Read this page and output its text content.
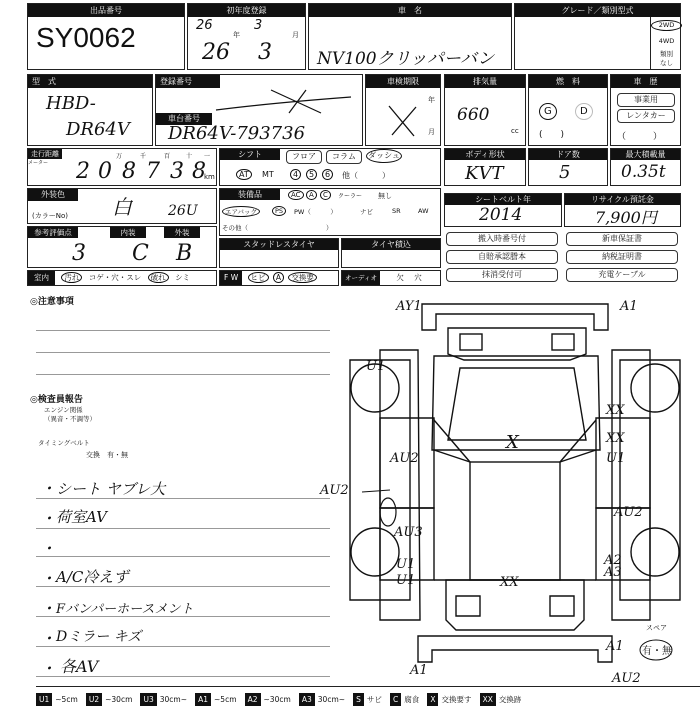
出品番号
SY0062
初年度登録
26
年
3
月
26 3
車　名
NV100クリッパーバン
グレード／類別型式
2WD
4WD
類別
なし
型　式
HBD-
DR64V
登録番号
車台番号
DR64V-793736
車検期限
年
月
排気量
660
cc
燃　料
G	D
(　　)
車　歴
事業用
レンタカー
（　　　）
走行距離
メーター 2 0 8 7 3 8
万	千	百	十 一
km
シフト	フロア	コラム	ダッシュ
AT	MT	4	5	6	他（　　　）
ボディ形状
KVT
ドア数
5
最大積載量
0.35t
外装色
(カラーNo) 白	26U
装備品	AC	A	C	クーラー 無し
エアバッグ	PS	PW（　　　）	ナビ	SR	AW
その他（　　　　　　　　　　　　）
シートベルト年
2014
リサイクル預託金
7,900円
参考評価点	内装	外装
3 C B	スタッドレスタイヤ	タイヤ積込
搬入時番号付	新車保証書
自賠承認謄本	納税証明書
抹消受付可	充電ケーブル
室内 汚れ コゲ・穴・スレ 破れ シミ	F W ヒビ A 交換要	オーディオ	欠 穴
◎注意事項
◎検査員報告
エンジン関係
（異音・不調等）
タイミングベルト
交換　有・無
・ シート ヤブレ大
・ 荷室AV
・
・ A/C冷えず
・ Fバンパーホースメント
・ Dミラー キズ
・ 各AV
AY1	A1
U1
XX
XX
U1
AU2
AU2
AU2
A3
AU3
A2
U1
U1	XX
X
A1
A1
AU2
スペア
有・無
U1 ~5cm U2 ~30cm U3 30cm~ A1 ~5cm A2 ~30cm A3 30cm~ S サビ C 腐食 X 交換要す XX 交換跡
